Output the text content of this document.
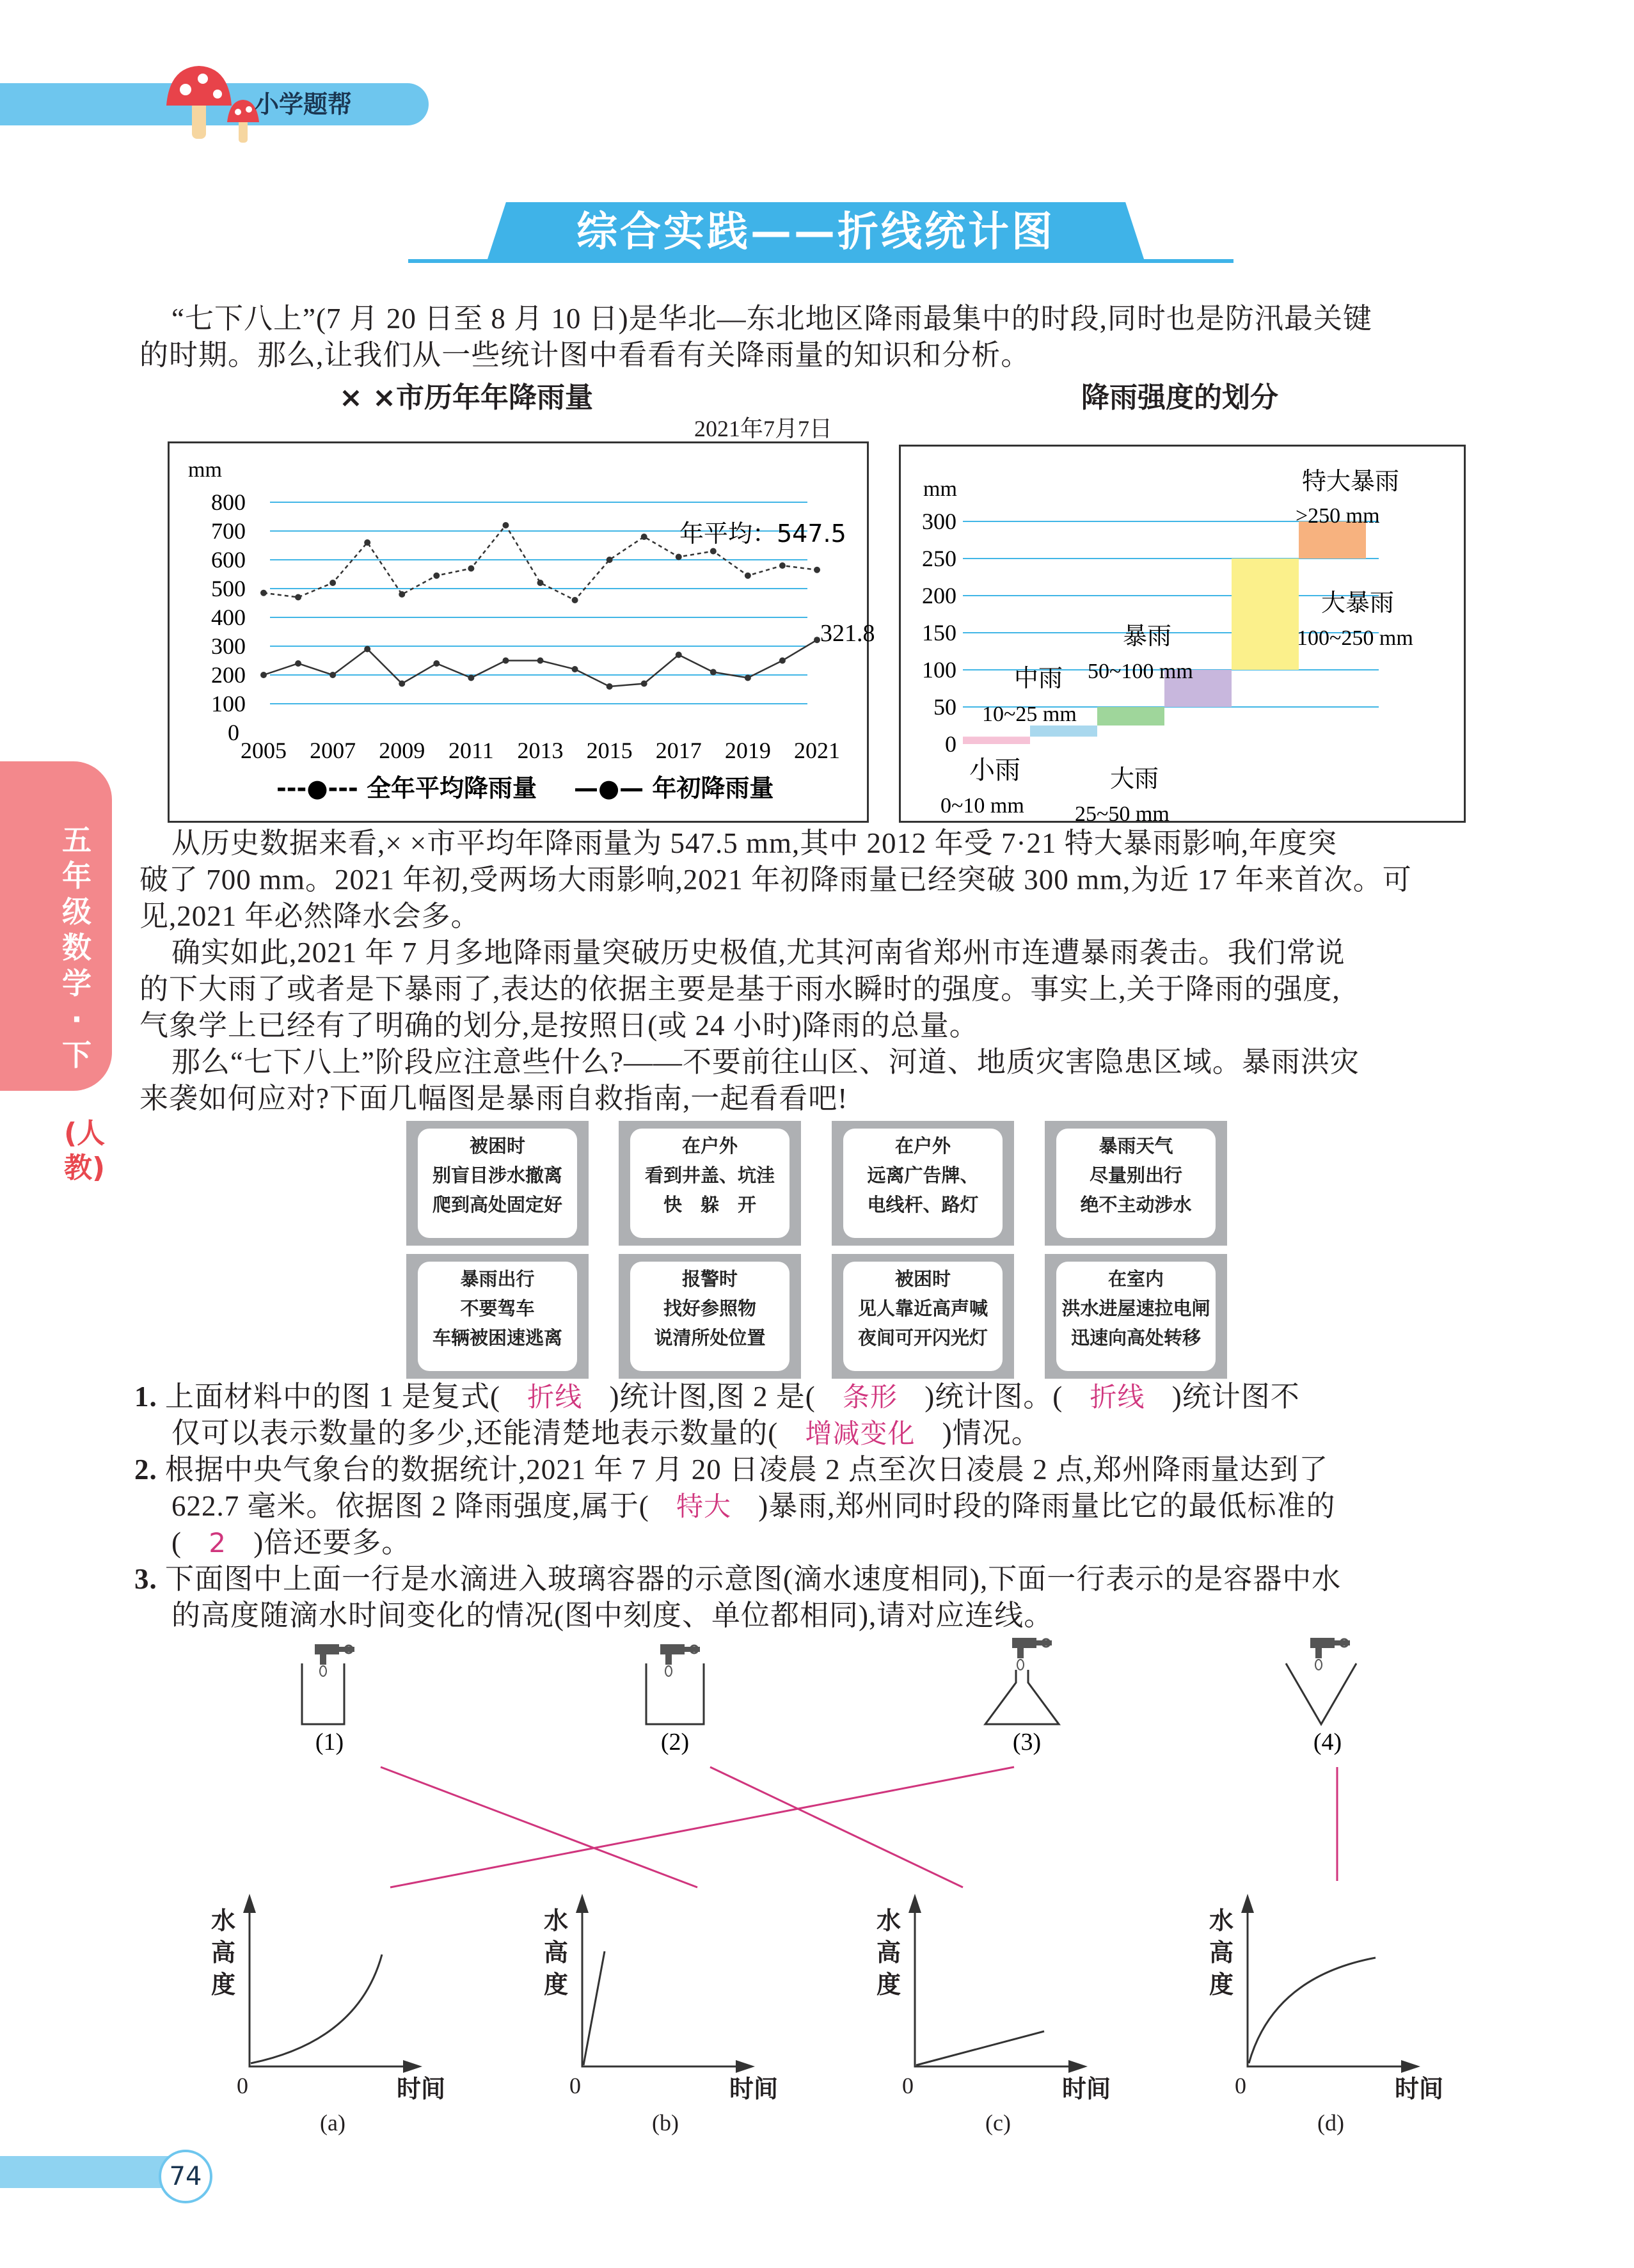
小学题帮
综合实践——折线统计图
“七下八上”(7 月 20 日至 8 月 10 日)是华北—东北地区降雨最集中的时段,同时也是防汛最关键
的时期。那么,让我们从一些统计图中看看有关降雨量的知识和分析。
× ×市历年年降雨量
2021年7月7日
mm
0
100
200
300
400
500
600
700
800
2005 2007 2009 2011 2013 2015 2017 2019 2021
年平均：547.5
321.8
---●--- 全年平均降雨量 —●— 年初降雨量
降雨强度的划分
mm
0
50
100
150
200
250
300
小雨
0~10 mm
中雨
10~25 mm
大雨
25~50 mm
暴雨
50~100 mm
大暴雨
100~250 mm
特大暴雨
>250 mm
五年级数学·下
(人教)
从历史数据来看,× ×市平均年降雨量为 547.5 mm,其中 2012 年受 7·21 特大暴雨影响,年度突
破了 700 mm。2021 年初,受两场大雨影响,2021 年初降雨量已经突破 300 mm,为近 17 年来首次。可
见,2021 年必然降水会多。
确实如此,2021 年 7 月多地降雨量突破历史极值,尤其河南省郑州市连遭暴雨袭击。我们常说
的下大雨了或者是下暴雨了,表达的依据主要是基于雨水瞬时的强度。事实上,关于降雨的强度,
气象学上已经有了明确的划分,是按照日(或 24 小时)降雨的总量。
那么“七下八上”阶段应注意些什么?——不要前往山区、河道、地质灾害隐患区域。暴雨洪灾
来袭如何应对?下面几幅图是暴雨自救指南,一起看看吧!
被困时
别盲目涉水撤离
爬到高处固定好
在户外
看到井盖、坑洼
快　躲　开
在户外
远离广告牌、
电线杆、路灯
暴雨天气
尽量别出行
绝不主动涉水
暴雨出行
不要驾车
车辆被困速逃离
报警时
找好参照物
说清所处位置
被困时
见人靠近高声喊
夜间可开闪光灯
在室内
洪水进屋速拉电闸
迅速向高处转移
1. 上面材料中的图 1 是复式( 折线 )统计图,图 2 是( 条形 )统计图。( 折线 )统计图不
仅可以表示数量的多少,还能清楚地表示数量的( 增减变化 )情况。
2. 根据中央气象台的数据统计,2021 年 7 月 20 日凌晨 2 点至次日凌晨 2 点,郑州降雨量达到了
622.7 毫米。依据图 2 降雨强度,属于( 特大 )暴雨,郑州同时段的降雨量比它的最低标准的
( 2 )倍还要多。
3. 下面图中上面一行是水滴进入玻璃容器的示意图(滴水速度相同),下面一行表示的是容器中水
的高度随滴水时间变化的情况(图中刻度、单位都相同),请对应连线。
(1)	(2)	(3)	(4)
水高度
0	时间
(a)
水高度
0	时间
(b)
水高度
0	时间
(c)
水高度
0	时间
(d)
74
